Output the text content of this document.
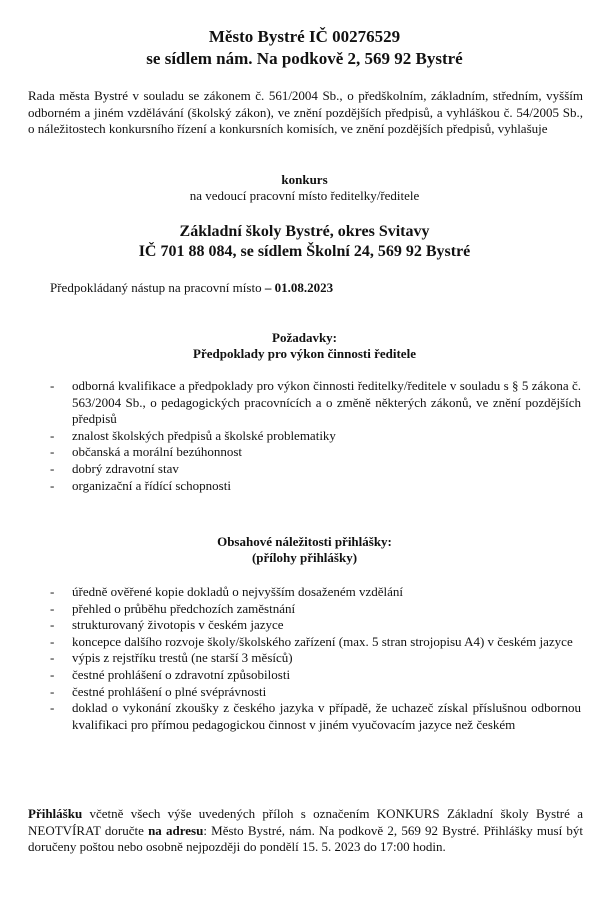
Město Bystré IČ 00276529
se sídlem nám. Na podkově 2, 569 92 Bystré
Rada města Bystré v souladu se zákonem č. 561/2004 Sb., o předškolním, základním, středním, vyšším odborném a jiném vzdělávání (školský zákon), ve znění pozdějších předpisů, a vyhláškou č. 54/2005 Sb., o náležitostech konkursního řízení a konkursních komisích, ve znění pozdějších předpisů, vyhlašuje
konkurs
na vedoucí pracovní místo ředitelky/ředitele
Základní školy Bystré, okres Svitavy
IČ 701 88 084, se sídlem Školní 24, 569 92 Bystré
Předpokládaný nástup na pracovní místo – 01.08.2023
Požadavky:
Předpoklady pro výkon činnosti ředitele
- odborná kvalifikace a předpoklady pro výkon činnosti ředitelky/ředitele v souladu s § 5 zákona č. 563/2004 Sb., o pedagogických pracovnících a o změně některých zákonů, ve znění pozdějších předpisů
- znalost školských předpisů a školské problematiky
- občanská a morální bezúhonnost
- dobrý zdravotní stav
- organizační a řídící schopnosti
Obsahové náležitosti přihlášky:
(přílohy přihlášky)
- úředně ověřené kopie dokladů o nejvyšším dosaženém vzdělání
- přehled o průběhu předchozích zaměstnání
- strukturovaný životopis v českém jazyce
- koncepce dalšího rozvoje školy/školského zařízení (max. 5 stran strojopisu A4) v českém jazyce
- výpis z rejstříku trestů (ne starší 3 měsíců)
- čestné prohlášení o zdravotní způsobilosti
- čestné prohlášení o plné svéprávnosti
- doklad o vykonání zkoušky z českého jazyka v případě, že uchazeč získal příslušnou odbornou kvalifikaci pro přímou pedagogickou činnost v jiném vyučovacím jazyce než českém
Přihlášku včetně všech výše uvedených příloh s označením KONKURS Základní školy Bystré a NEOTVÍRAT doručte na adresu: Město Bystré, nám. Na podkově 2, 569 92 Bystré. Přihlášky musí být doručeny poštou nebo osobně nejpozději do pondělí 15. 5. 2023 do 17:00 hodin.
